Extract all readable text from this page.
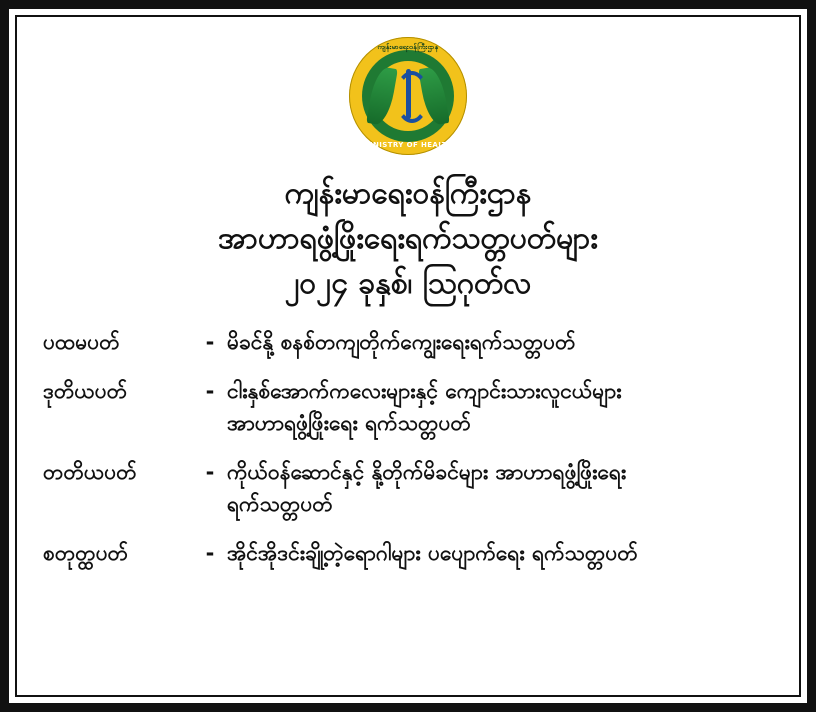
ကျန်းမာရေးဝန်ကြီးဌာန
MINISTRY OF HEALTH
ကျန်းမာရေးဝန်ကြီးဌာန
အာဟာရဖွံ့ဖြိုးရေးရက်သတ္တပတ်များ
၂၀၂၄ ခုနှစ်၊ သြဂုတ်လ
ပထမပတ်	- မိခင်နို့ စနစ်တကျတိုက်ကျွေးရေးရက်သတ္တပတ်
ဒုတိယပတ်	- ငါးနှစ်အောက်ကလေးများနှင့် ကျောင်းသားလူငယ်များ
အာဟာရဖွံ့ဖြိုးရေး ရက်သတ္တပတ်
တတိယပတ်	- ကိုယ်ဝန်ဆောင်နှင့် နို့တိုက်မိခင်များ အာဟာရဖွံ့ဖြိုးရေး
ရက်သတ္တပတ်
စတုတ္ထပတ်	- အိုင်အိုဒင်းချို့တဲ့ရောဂါများ ပပျောက်ရေး ရက်သတ္တပတ်
